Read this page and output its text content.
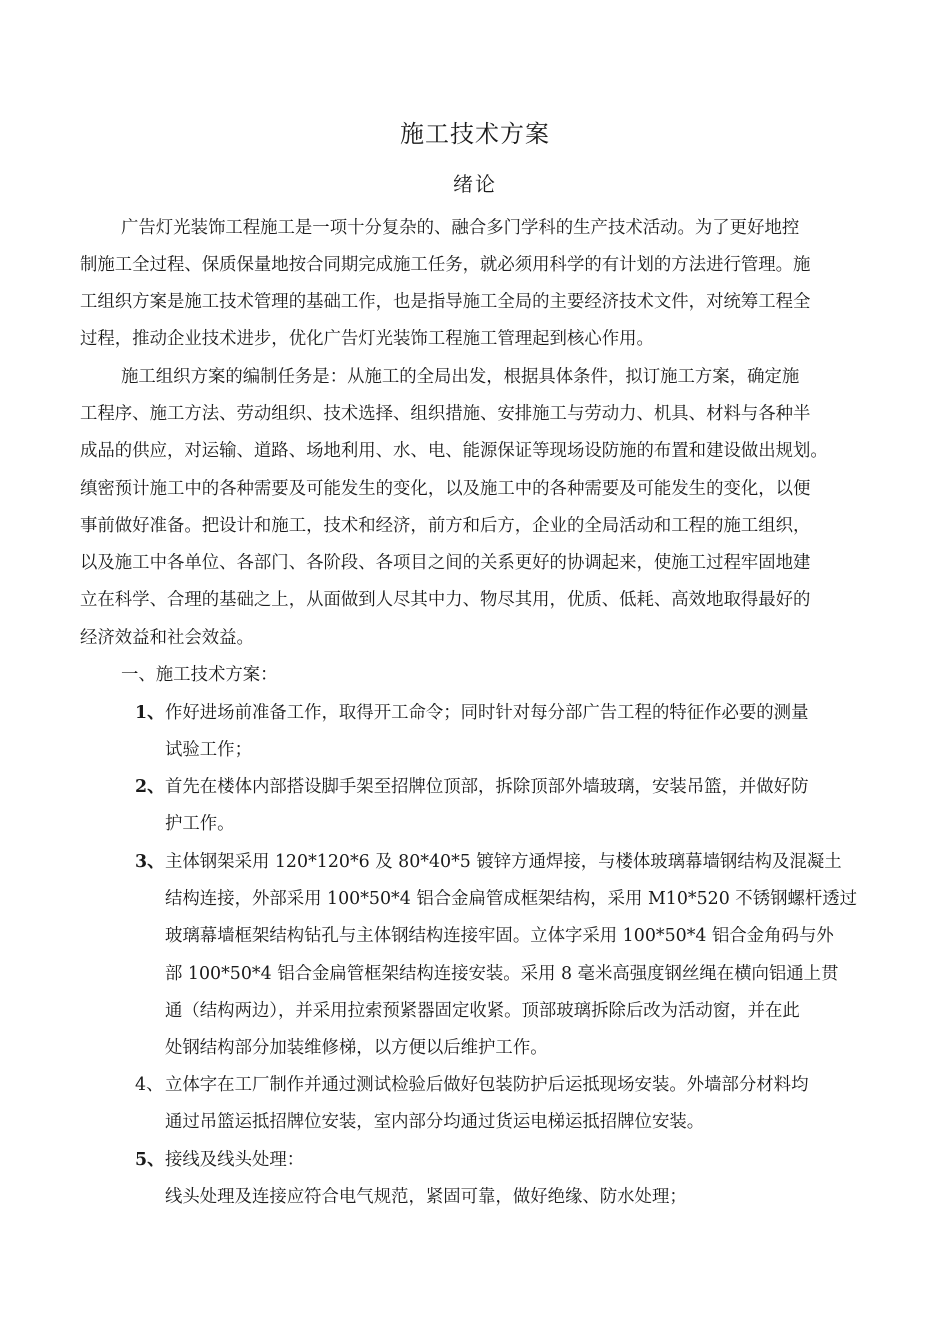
施工技术方案
绪论
广告灯光装饰工程施工是一项十分复杂的、融合多门学科的生产技术活动。为了更好地控
制施工全过程、保质保量地按合同期完成施工任务，就必须用科学的有计划的方法进行管理。施
工组织方案是施工技术管理的基础工作，也是指导施工全局的主要经济技术文件，对统筹工程全
过程，推动企业技术进步，优化广告灯光装饰工程施工管理起到核心作用。
施工组织方案的编制任务是：从施工的全局出发，根据具体条件，拟订施工方案，确定施
工程序、施工方法、劳动组织、技术选择、组织措施、安排施工与劳动力、机具、材料与各种半
成品的供应，对运输、道路、场地利用、水、电、能源保证等现场设防施的布置和建设做出规划。
缜密预计施工中的各种需要及可能发生的变化，以及施工中的各种需要及可能发生的变化，以便
事前做好准备。把设计和施工，技术和经济，前方和后方，企业的全局活动和工程的施工组织，
以及施工中各单位、各部门、各阶段、各项目之间的关系更好的协调起来，使施工过程牢固地建
立在科学、合理的基础之上，从面做到人尽其中力、物尽其用，优质、低耗、高效地取得最好的
经济效益和社会效益。
一、施工技术方案：
1、 作好进场前准备工作，取得开工命令；同时针对每分部广告工程的特征作必要的测量
试验工作；
2、 首先在楼体内部搭设脚手架至招牌位顶部，拆除顶部外墙玻璃，安装吊篮，并做好防
护工作。
3、 主体钢架采用 120*120*6 及 80*40*5 镀锌方通焊接，与楼体玻璃幕墙钢结构及混凝土
结构连接，外部采用 100*50*4 铝合金扁管成框架结构，采用 M10*520 不锈钢螺杆透过
玻璃幕墙框架结构钻孔与主体钢结构连接牢固。立体字采用 100*50*4 铝合金角码与外
部 100*50*4 铝合金扁管框架结构连接安装。采用 8 毫米高强度钢丝绳在横向铝通上贯
通（结构两边），并采用拉索预紧器固定收紧。顶部玻璃拆除后改为活动窗，并在此
处钢结构部分加装维修梯，以方便以后维护工作。
4、 立体字在工厂制作并通过测试检验后做好包装防护后运抵现场安装。外墙部分材料均
通过吊篮运抵招牌位安装，室内部分均通过货运电梯运抵招牌位安装。
5、 接线及线头处理：
线头处理及连接应符合电气规范，紧固可靠，做好绝缘、防水处理；
